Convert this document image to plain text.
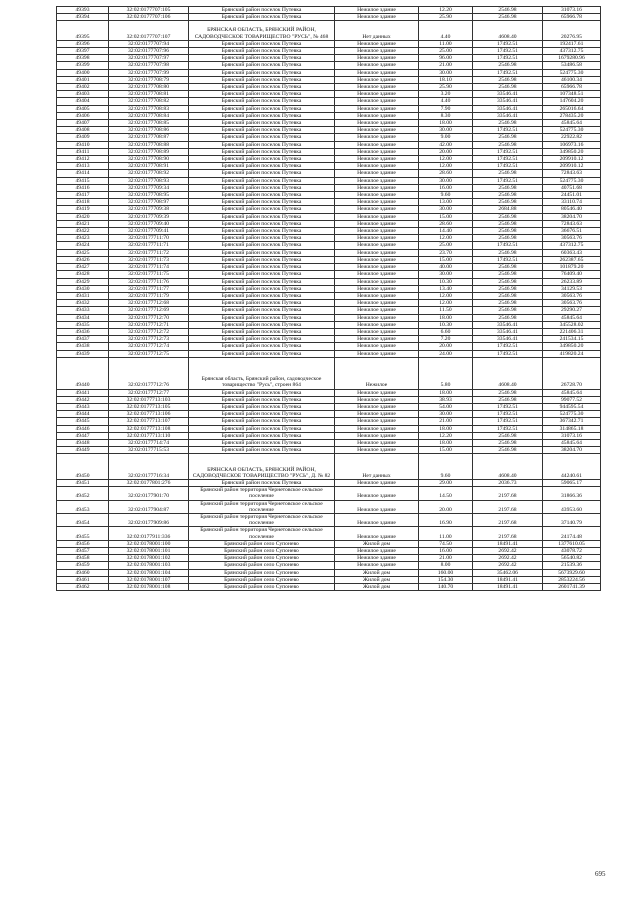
49393	32:02:0177707:105	Брянский район поселок Путевка	Нежилое здание	12.20	2546.98	31073.16
49394	32:02:0177707:106	Брянский район поселок Путевка	Нежилое здание	25.90	2546.98	65966.78
49395	32:02:0177707:107	БРЯНСКАЯ ОБЛАСТЬ, БРЯНСКИЙ РАЙОН, САДОВОДЧЕСКОЕ ТОВАРИЩЕСТВО "РУСЬ", № 468	Нет данных	4.40	4608.40	20276.95
49396	32:02:0177707:94	Брянский район поселок Путевка	Нежилое здание	11.00	17492.51	192417.61
49397	32:02:0177707:96	Брянский район поселок Путевка	Нежилое здание	25.00	17492.51	437312.75
49398	32:02:0177707:97	Брянский район поселок Путевка	Нежилое здание	96.00	17492.51	1679280.96
49399	32:02:0177707:98	Брянский район поселок Путевка	Нежилое здание	21.00	2546.98	53486.58
49400	32:02:0177707:99	Брянский район поселок Путевка	Нежилое здание	30.00	17492.51	524775.30
49401	32:02:0177708:79	Брянский район поселок Путевка	Нежилое здание	18.10	2546.98	46100.34
49402	32:02:0177708:80	Брянский район поселок Путевка	Нежилое здание	25.90	2546.98	65966.78
49403	32:02:0177708:81	Брянский район поселок Путевка	Нежилое здание	3.20	33546.41	107348.51
49404	32:02:0177708:82	Брянский район поселок Путевка	Нежилое здание	4.40	33546.41	147604.20
49405	32:02:0177708:83	Брянский район поселок Путевка	Нежилое здание	7.90	33546.41	265016.64
49406	32:02:0177708:84	Брянский район поселок Путевка	Нежилое здание	8.30	33546.41	278435.20
49407	32:02:0177708:85	Брянский район поселок Путевка	Нежилое здание	18.00	2546.98	45845.64
49408	32:02:0177708:86	Брянский район поселок Путевка	Нежилое здание	30.00	17492.51	524775.30
49409	32:02:0177708:87	Брянский район поселок Путевка	Нежилое здание	9.00	2546.98	22922.82
49410	32:02:0177708:88	Брянский район поселок Путевка	Нежилое здание	42.00	2546.98	106973.16
49411	32:02:0177708:89	Брянский район поселок Путевка	Нежилое здание	20.00	17492.51	349850.20
49412	32:02:0177708:90	Брянский район поселок Путевка	Нежилое здание	12.00	17492.51	209910.12
49413	32:02:0177708:91	Брянский район поселок Путевка	Нежилое здание	12.00	17492.51	209910.12
49414	32:02:0177708:92	Брянский район поселок Путевка	Нежилое здание	28.60	2546.98	72843.63
49415	32:02:0177708:93	Брянский район поселок Путевка	Нежилое здание	30.00	17492.51	524775.30
49416	32:02:0177709:34	Брянский район поселок Путевка	Нежилое здание	16.00	2546.98	40751.68
49417	32:02:0177708:95	Брянский район поселок Путевка	Нежилое здание	9.60	2546.98	24451.01
49418	32:02:0177708:97	Брянский район поселок Путевка	Нежилое здание	13.00	2546.98	33110.74
49419	32:02:0177709:38	Брянский район поселок Путевка	Нежилое здание	30.00	2684.88	80546.40
49420	32:02:0177709:39	Брянский район поселок Путевка	Нежилое здание	15.00	2546.98	38204.70
49421	32:02:0177709:40	Брянский район поселок Путевка	Нежилое здание	28.60	2546.98	72843.63
49422	32:02:0177709:41	Брянский район поселок Путевка	Нежилое здание	14.40	2546.98	36676.51
49423	32:02:0177711:70	Брянский район поселок Путевка	Нежилое здание	12.00	2546.98	30563.76
49424	32:02:0177711:71	Брянский район поселок Путевка	Нежилое здание	25.00	17492.51	437312.75
49425	32:02:0177711:72	Брянский район поселок Путевка	Нежилое здание	23.70	2546.98	60363.43
49426	32:02:0177711:73	Брянский район поселок Путевка	Нежилое здание	15.00	17492.51	262387.65
49427	32:02:0177711:74	Брянский район поселок Путевка	Нежилое здание	40.00	2546.98	101879.20
49428	32:02:0177711:75	Брянский район поселок Путевка	Нежилое здание	30.00	2546.98	76409.40
49429	32:02:0177711:76	Брянский район поселок Путевка	Нежилое здание	10.30	2546.98	26233.89
49430	32:02:0177711:77	Брянский район поселок Путевка	Нежилое здание	13.40	2546.98	34129.53
49431	32:02:0177711:79	Брянский район поселок Путевка	Нежилое здание	12.00	2546.98	30563.76
49432	32:02:0177712:68	Брянский район поселок Путевка	Нежилое здание	12.00	2546.98	30563.76
49433	32:02:0177712:69	Брянский район поселок Путевка	Нежилое здание	11.50	2546.98	29290.27
49434	32:02:0177712:70	Брянский район поселок Путевка	Нежилое здание	18.00	2546.98	45845.64
49435	32:02:0177712:71	Брянский район поселок Путевка	Нежилое здание	10.30	33546.41	345528.02
49436	32:02:0177712:72	Брянский район поселок Путевка	Нежилое здание	6.60	33546.41	221406.31
49437	32:02:0177712:73	Брянский район поселок Путевка	Нежилое здание	7.20	33546.41	241534.15
49438	32:02:0177712:74	Брянский район поселок Путевка	Нежилое здание	20.00	17492.51	349850.20
49439	32:02:0177712:75	Брянский район поселок Путевка	Нежилое здание	24.00	17492.51	419820.24
49440	32:02:0177712:76	Брянская область, Брянский район, садоводческое товарищество "Русь", строен 864	Нежилое	5.80	4608.40	26728.70
49441	32:02:0177712:77	Брянский район поселок Путевка	Нежилое здание	18.00	2546.98	45845.64
49442	32:02:0177713:103	Брянский район поселок Путевка	Нежилое здание	38.93	2546.98	99077.52
49443	32:02:0177713:105	Брянский район поселок Путевка	Нежилое здание	54.00	17492.51	944595.54
49444	32:02:0177713:106	Брянский район поселок Путевка	Нежилое здание	30.00	17492.51	524775.30
49445	32:02:0177713:107	Брянский район поселок Путевка	Нежилое здание	21.00	17492.51	367342.71
49446	32:02:0177713:108	Брянский район поселок Путевка	Нежилое здание	18.00	17492.51	314865.18
49447	32:02:0177713:110	Брянский район поселок Путевка	Нежилое здание	12.20	2546.98	31073.16
49448	32:02:0177714:74	Брянский район поселок Путевка	Нежилое здание	18.00	2546.98	45845.64
49449	32:02:0177715:53	Брянский район поселок Путевка	Нежилое здание	15.00	2546.98	38204.70
49450	32:02:0177716:34	БРЯНСКАЯ ОБЛАСТЬ, БРЯНСКИЙ РАЙОН, САДОВОДЧЕСКОЕ ТОВАРИЩЕСТВО "РУСЬ", Д. № 82	Нет данных	9.60	4608.40	44240.61
49451	32:02:0177801:276	Брянский район поселок Путевка	Нежилое здание	29.00	2036.73	59065.17
49452	32:02:0177901:70	Брянский район территория Чернетовское сельское поселение	Нежилое здание	14.50	2197.68	31866.36
49453	32:02:0177904:87	Брянский район территория Чернетовское сельское поселение	Нежилое здание	20.00	2197.68	43953.60
49454	32:02:0177909:86	Брянский район территория Чернетовское сельское поселение	Нежилое здание	16.90	2197.68	37140.79
49455	32:02:0177911:336	Брянский район территория Чернетовское сельское поселение	Нежилое здание	11.00	2197.68	24174.48
49456	32:02:0178001:100	Брянский район село Супонево	Жилой дом	74.50	18491.41	1377610.05
49457	32:02:0178001:101	Брянский район село Супонево	Нежилое здание	16.00	2692.42	43078.72
49458	32:02:0178001:102	Брянский район село Супонево	Нежилое здание	21.00	2692.42	56540.82
49459	32:02:0178001:103	Брянский район село Супонево	Нежилое здание	8.00	2692.42	21539.36
49460	32:02:0178001:104	Брянский район село Супонево	Жилой дом	160.00	35462.06	5673929.60
49461	32:02:0178001:107	Брянский район село Супонево	Жилой дом	154.30	18491.41	2853224.56
49462	32:02:0178001:108	Брянский район село Супонево	Жилой дом	140.70	18491.41	2601741.39
695
